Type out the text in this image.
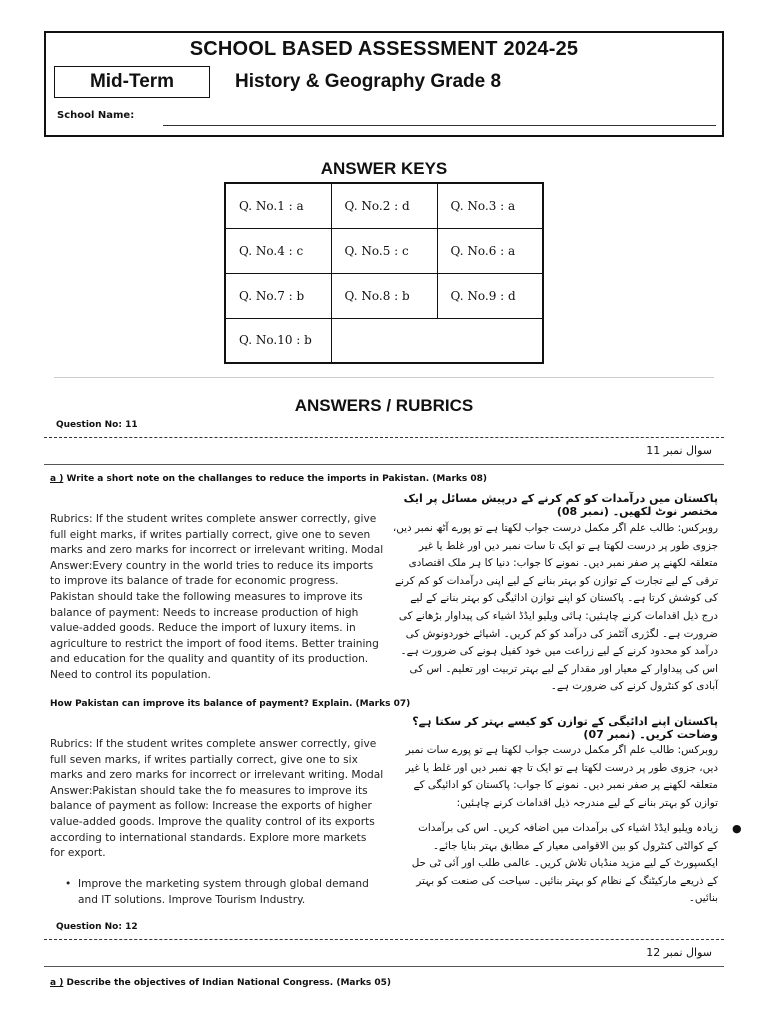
SCHOOL BASED ASSESSMENT 2024-25
Mid-Term	History & Geography Grade 8
School Name:
ANSWER KEYS
Q. No.1 : a	Q. No.2 : d	Q. No.3 : a
Q. No.4 : c	Q. No.5 : c	Q. No.6 : a
Q. No.7 : b	Q. No.8 : b	Q. No.9 : d
Q. No.10 : b		
ANSWERS / RUBRICS
Question No: 11
سوال نمبر 11
a ) Write a short note on the challanges to reduce the imports in Pakistan. (Marks 08)
پاکستان میں درآمدات کو کم کرنے کے درپیش مسائل پر ایک مختصر نوٹ لکھیں۔ (نمبر 08)
Rubrics: If the student writes complete answer correctly, give full eight marks, if writes partially correct, give one to seven marks and zero marks for incorrect or irrelevant writing. Modal Answer:Every country in the world tries to reduce its imports to improve its balance of trade for economic progress. Pakistan should take the following measures to improve its balance of payment: Needs to increase production of high value-added goods. Reduce the import of luxury items. in agriculture to restrict the import of food items. Better training and education for the quality and quantity of its production. Need to control its population.
روبرکس: طالب علم اگر مکمل درست جواب لکھتا ہے تو پورے آٹھ نمبر دیں، جزوی طور پر درست لکھتا ہے تو ایک تا سات نمبر دیں اور غلط یا غیر متعلقہ لکھنے پر صفر نمبر دیں۔ نمونے کا جواب: دنیا کا ہر ملک اقتصادی ترقی کے لیے تجارت کے توازن کو بہتر بنانے کے لیے اپنی درآمدات کو کم کرنے کی کوشش کرتا ہے۔ پاکستان کو اپنے توازن ادائیگی کو بہتر بنانے کے لیے درج ذیل اقدامات کرنے چاہئیں: ہائی ویلیو ایڈڈ اشیاء کی پیداوار بڑھانے کی ضرورت ہے۔ لگژری آئٹمز کی درآمد کو کم کریں۔ اشیائے خوردونوش کی درآمد کو محدود کرنے کے لیے زراعت میں خود کفیل ہونے کی ضرورت ہے۔ اس کی پیداوار کے معیار اور مقدار کے لیے بہتر تربیت اور تعلیم۔ اس کی آبادی کو کنٹرول کرنے کی ضرورت ہے۔
How Pakistan can improve its balance of payment? Explain. (Marks 07)
پاکستان اپنے ادائیگی کے توازن کو کیسے بہتر کر سکتا ہے؟ وضاحت کریں۔ (نمبر 07)
Rubrics: If the student writes complete answer correctly, give full seven marks, if writes partially correct, give one to six marks and zero marks for incorrect or irrelevant writing. Modal Answer:Pakistan should take the fo measures to improve its balance of payment as follow: Increase the exports of higher value-added goods. Improve the quality control of its exports according to international standards. Explore more markets for export.
روبرکس: طالب علم اگر مکمل درست جواب لکھتا ہے تو پورے سات نمبر دیں، جزوی طور پر درست لکھتا ہے تو ایک تا چھ نمبر دیں اور غلط یا غیر متعلقہ لکھنے پر صفر نمبر دیں۔ نمونے کا جواب: پاکستان کو ادائیگی کے توازن کو بہتر بنانے کے لیے مندرجہ ذیل اقدامات کرنے چاہئیں:
• Improve the marketing system through global demand and IT solutions. Improve Tourism Industry.
●
زیادہ ویلیو ایڈڈ اشیاء کی برآمدات میں اضافہ کریں۔ اس کی برآمدات کے کوالٹی کنٹرول کو بین الاقوامی معیار کے مطابق بہتر بنایا جائے۔ ایکسپورٹ کے لیے مزید منڈیاں تلاش کریں۔ عالمی طلب اور آئی ٹی حل کے ذریعے مارکیٹنگ کے نظام کو بہتر بنائیں۔ سیاحت کی صنعت کو بہتر بنائیں۔
Question No: 12
سوال نمبر 12
a ) Describe the objectives of Indian National Congress. (Marks 05)
